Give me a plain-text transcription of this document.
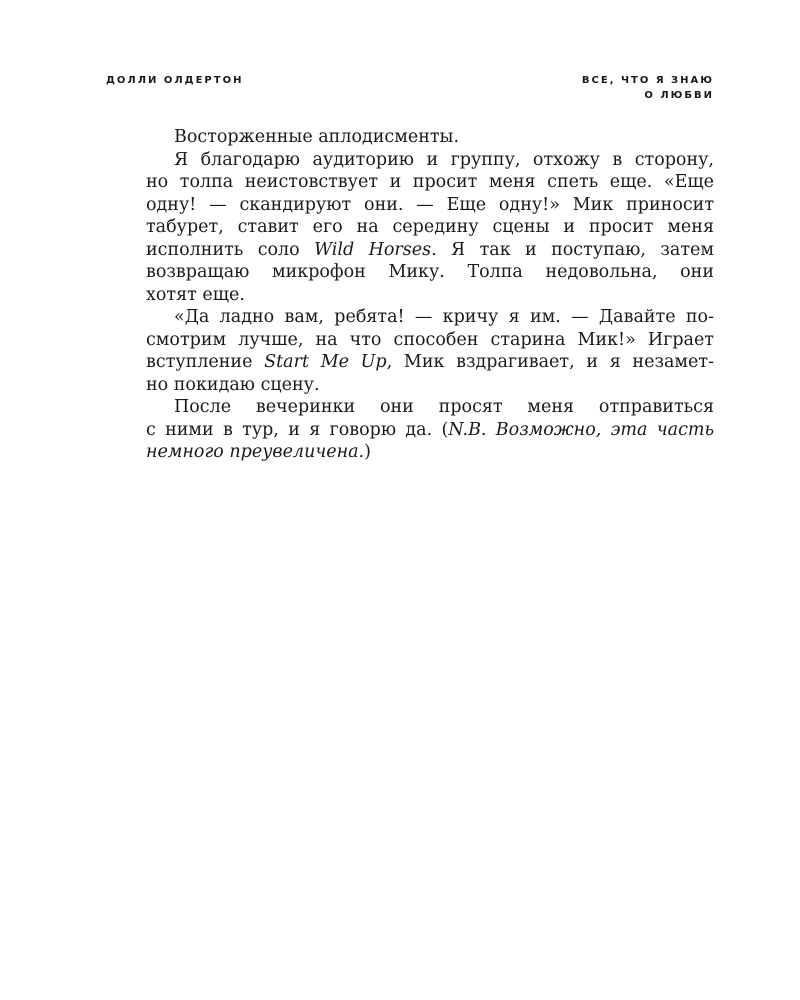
ДОЛЛИ ОЛДЕРТОН	ВСЕ, ЧТО Я ЗНАЮ
О ЛЮБВИ
Восторженные аплодисменты.
Я благодарю аудиторию и группу, отхожу в сторону,
но толпа неистовствует и просит меня спеть еще. «Еще
одну! — скандируют они. — Еще одну!» Мик приносит
табурет, ставит его на середину сцены и просит меня
исполнить соло Wild Horses. Я так и поступаю, затем
возвращаю микрофон Мику. Толпа недовольна, они
хотят еще.
«Да ладно вам, ребята! — кричу я им. — Давайте по-
смотрим лучше, на что способен старина Мик!» Играет
вступление Start Me Up, Мик вздрагивает, и я незамет-
но покидаю сцену.
После вечеринки они просят меня отправиться
с ними в тур, и я говорю да. (N.B. Возможно, эта часть
немного преувеличена.)
